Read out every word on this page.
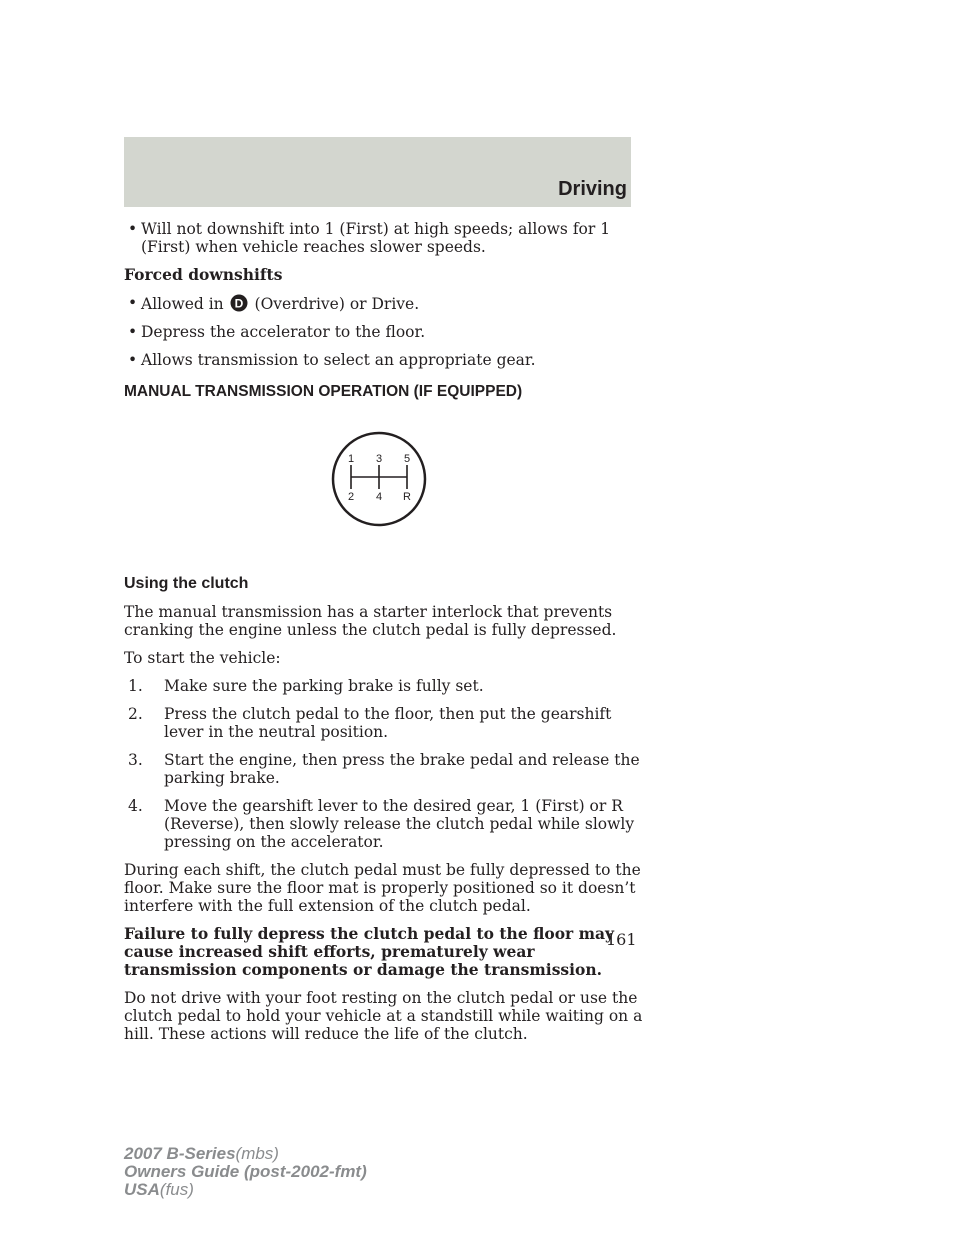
Driving
• Will not downshift into 1 (First) at high speeds; allows for 1 (First) when vehicle reaches slower speeds.

Forced downshifts

• Allowed in D (Overdrive) or Drive.
• Depress the accelerator to the floor.
• Allows transmission to select an appropriate gear.
MANUAL TRANSMISSION OPERATION (IF EQUIPPED)
1 3 5
2 4 R
Using the clutch

The manual transmission has a starter interlock that prevents cranking the engine unless the clutch pedal is fully depressed.

To start the vehicle:

1. Make sure the parking brake is fully set.
2. Press the clutch pedal to the floor, then put the gearshift lever in the neutral position.
3. Start the engine, then press the brake pedal and release the parking brake.
4. Move the gearshift lever to the desired gear, 1 (First) or R (Reverse), then slowly release the clutch pedal while slowly pressing on the accelerator.

During each shift, the clutch pedal must be fully depressed to the floor. Make sure the floor mat is properly positioned so it doesn’t interfere with the full extension of the clutch pedal.

Failure to fully depress the clutch pedal to the floor may cause increased shift efforts, prematurely wear transmission components or damage the transmission.

Do not drive with your foot resting on the clutch pedal or use the clutch pedal to hold your vehicle at a standstill while waiting on a hill. These actions will reduce the life of the clutch.

161
2007 B-Series(mbs)
Owners Guide (post-2002-fmt)
USA(fus)
